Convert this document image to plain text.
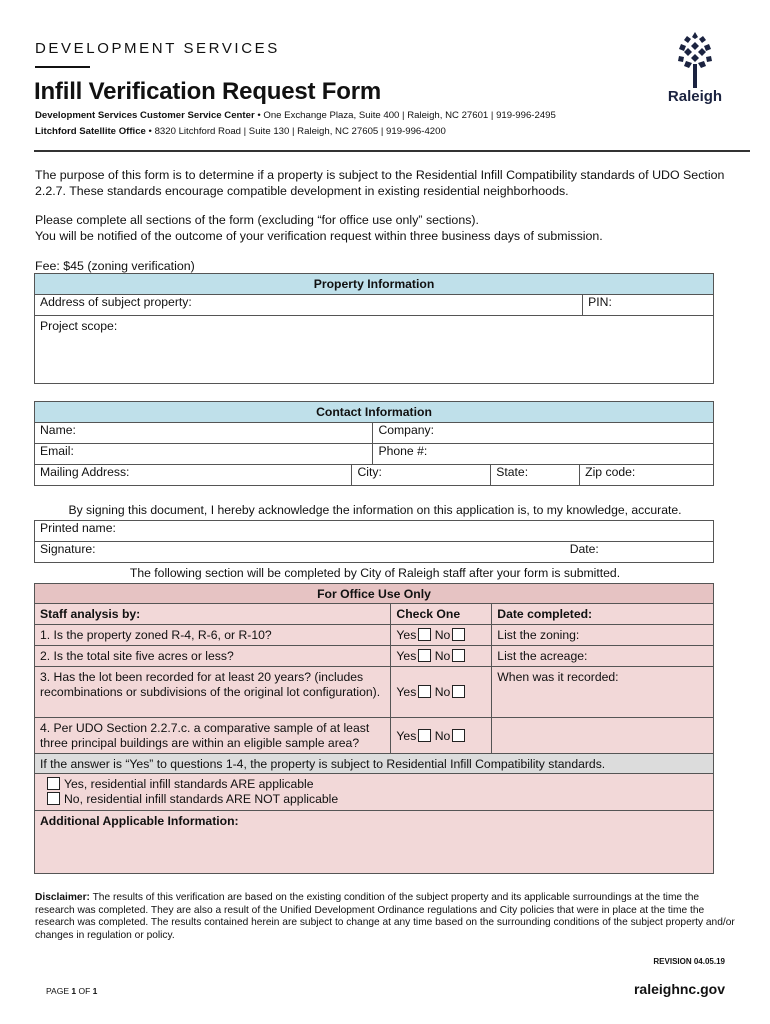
DEVELOPMENT SERVICES
Infill Verification Request Form
Development Services Customer Service Center • One Exchange Plaza, Suite 400 | Raleigh, NC 27601 | 919-996-2495
Litchford Satellite Office • 8320 Litchford Road | Suite 130 | Raleigh, NC 27605 | 919-996-4200
Raleigh
The purpose of this form is to determine if a property is subject to the Residential Infill Compatibility standards of UDO Section 2.2.7. These standards encourage compatible development in existing residential neighborhoods.
Please complete all sections of the form (excluding “for office use only” sections).
You will be notified of the outcome of your verification request within three business days of submission.
Fee: $45 (zoning verification)
Property Information
Address of subject property:	PIN:
Project scope:
Contact Information				
Name:		Company:		
Email:		Phone #:		
Mailing Address:	City:		State:	Zip code:
By signing this document, I hereby acknowledge the information on this application is, to my knowledge, accurate.
Printed name:
Signature:	Date:
The following section will be completed by City of Raleigh staff after your form is submitted.
For Office Use Only		
Staff analysis by:	Check One	Date completed:
1. Is the property zoned R-4, R-6, or R-10?	Yes No	List the zoning:
2. Is the total site five acres or less?	Yes No	List the acreage:
3. Has the lot been recorded for at least 20 years? (includes recombinations or subdivisions of the original lot configuration).	Yes No	When was it recorded:
4. Per UDO Section 2.2.7.c. a comparative sample of at least three principal buildings are within an eligible sample area?	Yes No	
If the answer is “Yes” to questions 1-4, the property is subject to Residential Infill Compatibility standards.		

Yes, residential infill standards ARE applicable
No, residential infill standards ARE NOT applicable		

Additional Applicable Information:		
Disclaimer: The results of this verification are based on the existing condition of the subject property and its applicable surroundings at the time the research was completed. They are also a result of the Unified Development Ordinance regulations and City policies that were in place at the time the research was completed. The results contained herein are subject to change at any time based on the surrounding conditions of the subject property and/or changes in regulation or policy.
REVISION 04.05.19
PAGE 1 OF 1	raleighnc.gov
